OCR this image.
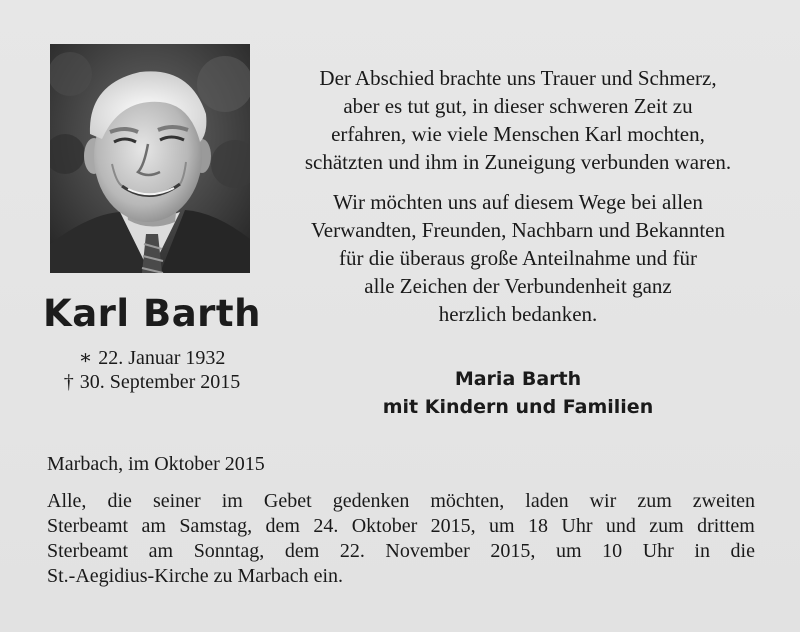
Karl Barth
∗ 22. Januar 1932
† 30. September 2015
Der Abschied brachte uns Trauer und Schmerz,
aber es tut gut, in dieser schweren Zeit zu
erfahren, wie viele Menschen Karl mochten,
schätzten und ihm in Zuneigung verbunden waren.
Wir möchten uns auf diesem Wege bei allen
Verwandten, Freunden, Nachbarn und Bekannten
für die überaus große Anteilnahme und für
alle Zeichen der Verbundenheit ganz
herzlich bedanken.
Maria Barth
mit Kindern und Familien
Marbach, im Oktober 2015
Alle, die seiner im Gebet gedenken möchten, laden wir zum zweiten
Sterbeamt am Samstag, dem 24. Oktober 2015, um 18 Uhr und zum drittem
Sterbeamt am Sonntag, dem 22. November 2015, um 10 Uhr in die
St.-Aegidius-Kirche zu Marbach ein.
